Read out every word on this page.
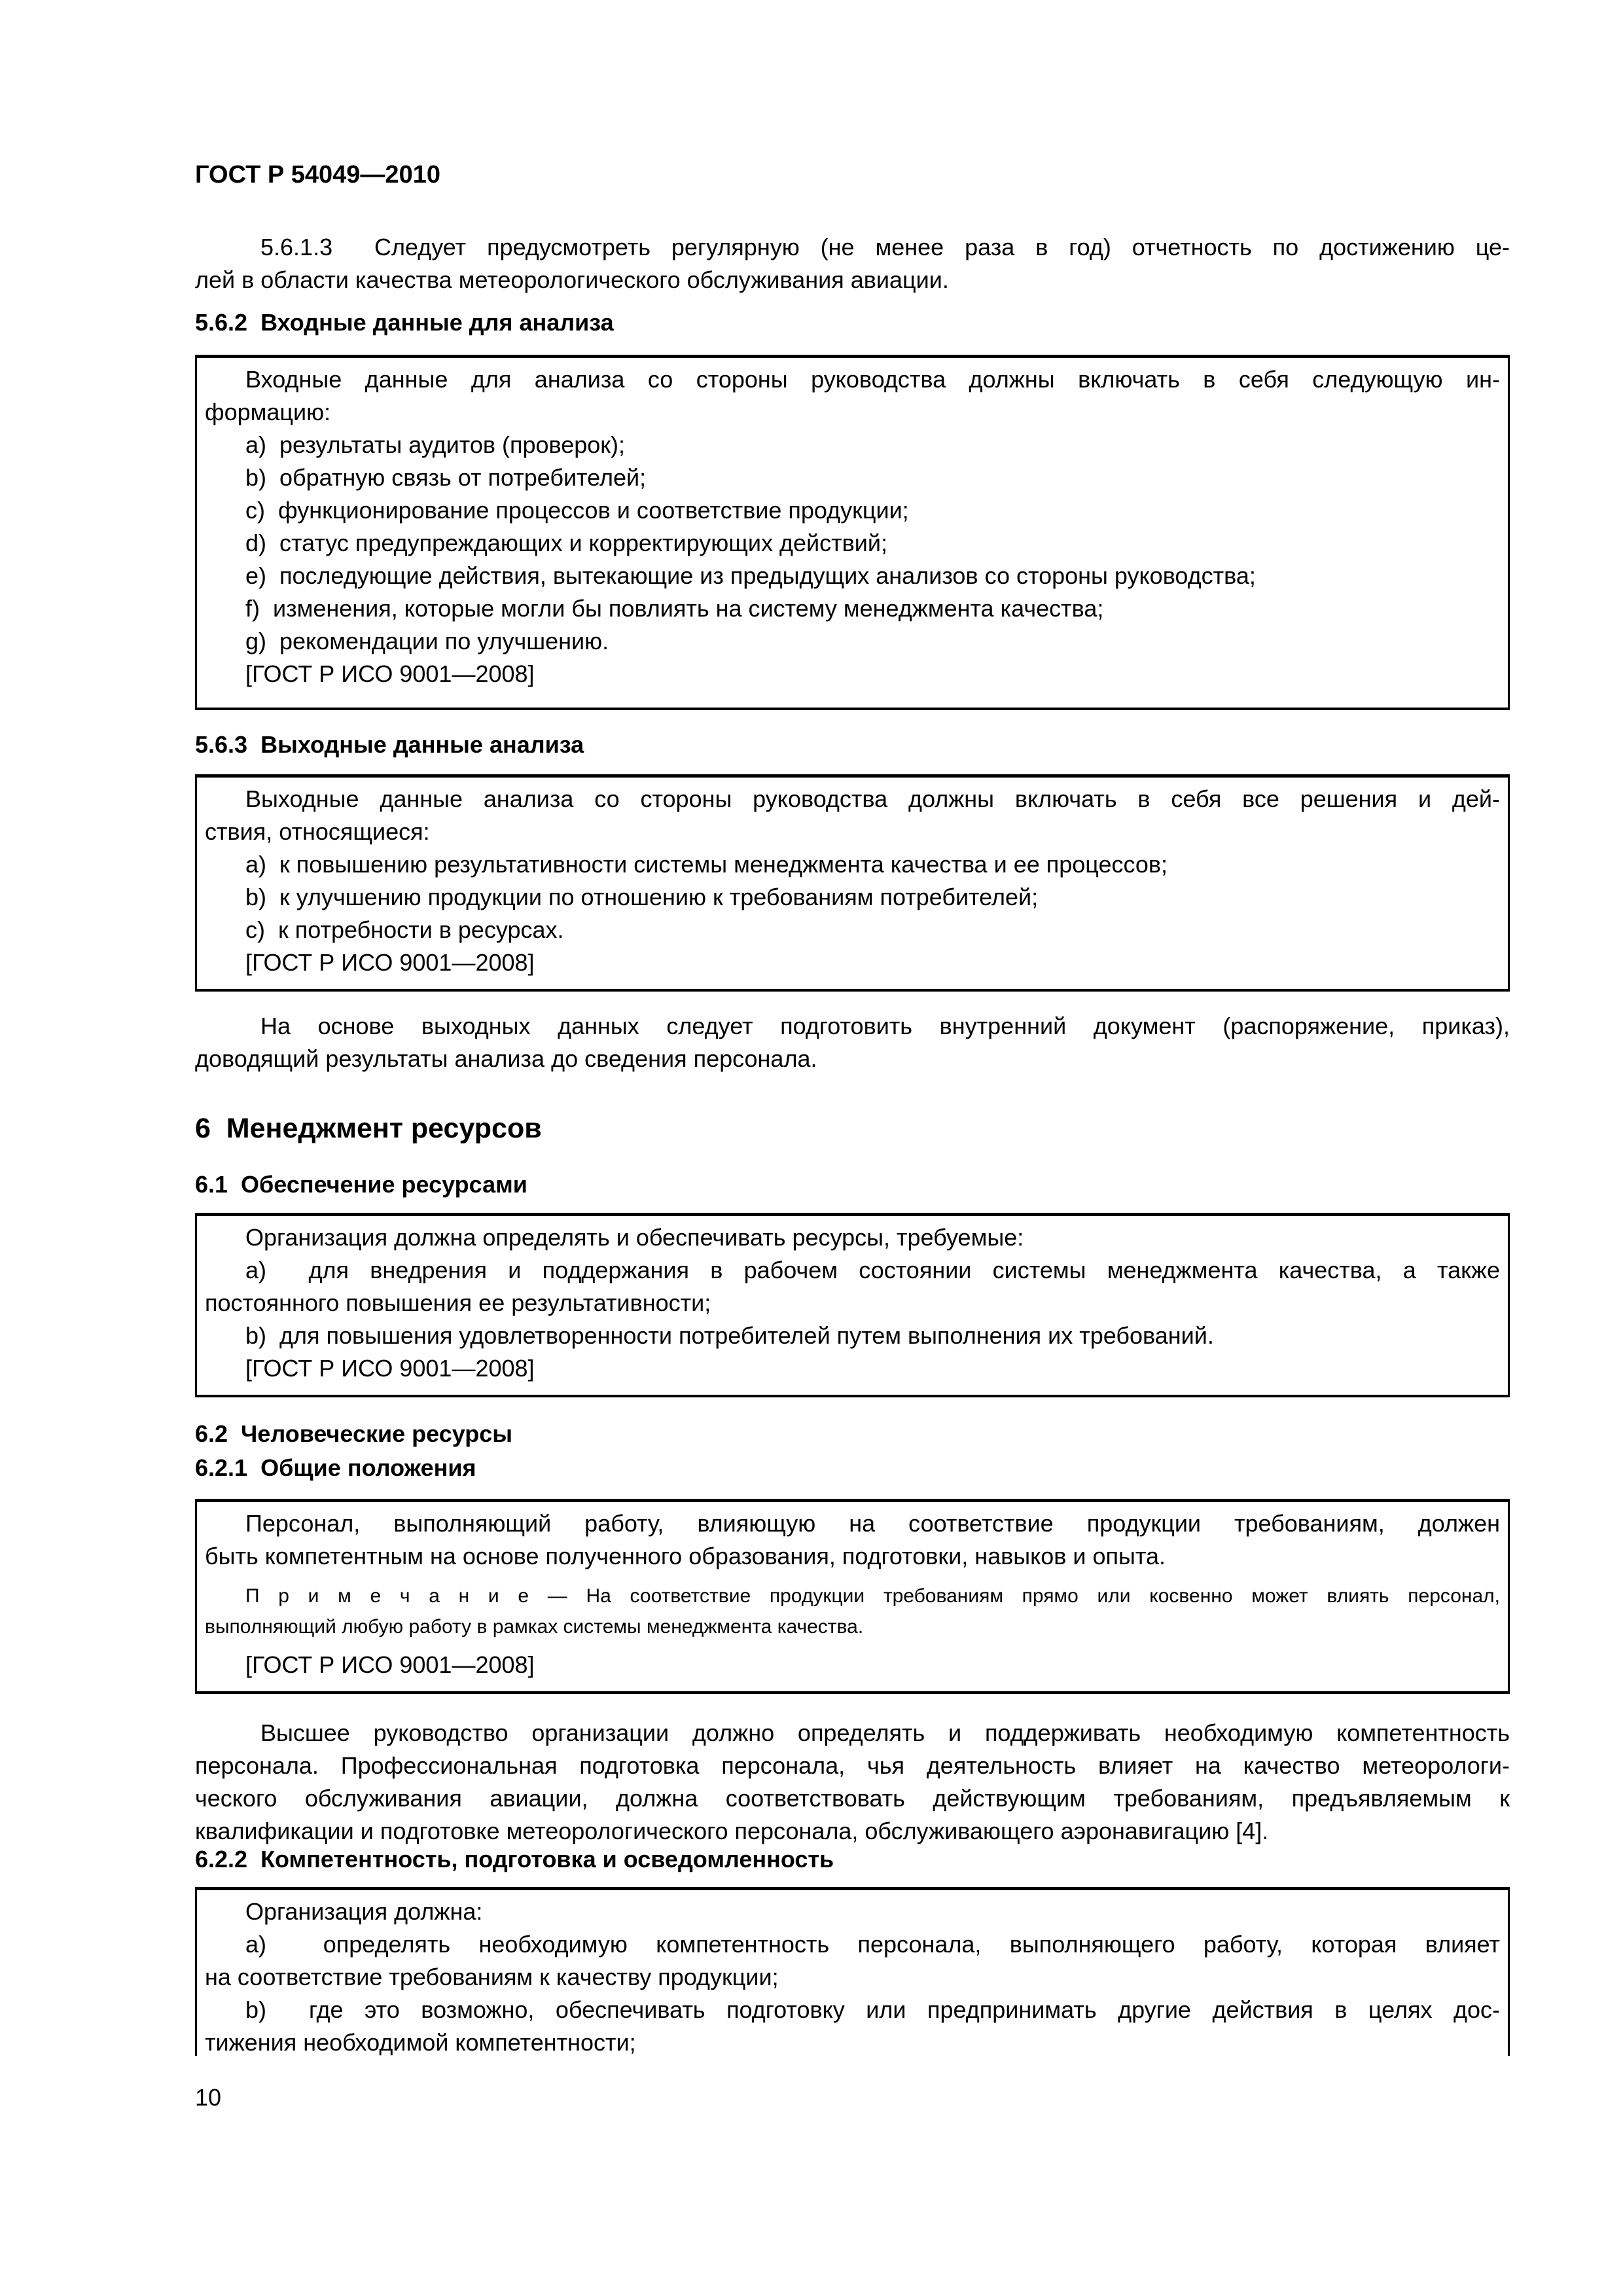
ГОСТ Р 54049—2010
5.6.1.3  Следует предусмотреть регулярную (не менее раза в год) отчетность по достижению це-
лей в области качества метеорологического обслуживания авиации.
5.6.2  Входные данные для анализа
Входные данные для анализа со стороны руководства должны включать в себя следующую ин-
формацию:
a)  результаты аудитов (проверок);
b)  обратную связь от потребителей;
c)  функционирование процессов и соответствие продукции;
d)  статус предупреждающих и корректирующих действий;
e)  последующие действия, вытекающие из предыдущих анализов со стороны руководства;
f)  изменения, которые могли бы повлиять на систему менеджмента качества;
g)  рекомендации по улучшению.
[ГОСТ Р ИСО 9001—2008]
5.6.3  Выходные данные анализа
Выходные данные анализа со стороны руководства должны включать в себя все решения и дей-
ствия, относящиеся:
a)  к повышению результативности системы менеджмента качества и ее процессов;
b)  к улучшению продукции по отношению к требованиям потребителей;
c)  к потребности в ресурсах.
[ГОСТ Р ИСО 9001—2008]
На основе выходных данных следует подготовить внутренний документ (распоряжение, приказ),
доводящий результаты анализа до сведения персонала.
6  Менеджмент ресурсов
6.1  Обеспечение ресурсами
Организация должна определять и обеспечивать ресурсы, требуемые:
a)  для внедрения и поддержания в рабочем состоянии системы менеджмента качества, а также
постоянного повышения ее результативности;
b)  для повышения удовлетворенности потребителей путем выполнения их требований.
[ГОСТ Р ИСО 9001—2008]
6.2  Человеческие ресурсы
6.2.1  Общие положения
Персонал, выполняющий работу, влияющую на соответствие продукции требованиям, должен
быть компетентным на основе полученного образования, подготовки, навыков и опыта.
П р и м е ч а н и е — На соответствие продукции требованиям прямо или косвенно может влиять персонал,
выполняющий любую работу в рамках системы менеджмента качества.
[ГОСТ Р ИСО 9001—2008]
Высшее руководство организации должно определять и поддерживать необходимую компетентность
персонала. Профессиональная подготовка персонала, чья деятельность влияет на качество метеорологи-
ческого обслуживания авиации, должна соответствовать действующим требованиям, предъявляемым к
квалификации и подготовке метеорологического персонала, обслуживающего аэронавигацию [4].
6.2.2  Компетентность, подготовка и осведомленность
Организация должна:
a)  определять необходимую компетентность персонала, выполняющего работу, которая влияет
на соответствие требованиям к качеству продукции;
b)  где это возможно, обеспечивать подготовку или предпринимать другие действия в целях дос-
тижения необходимой компетентности;
10
